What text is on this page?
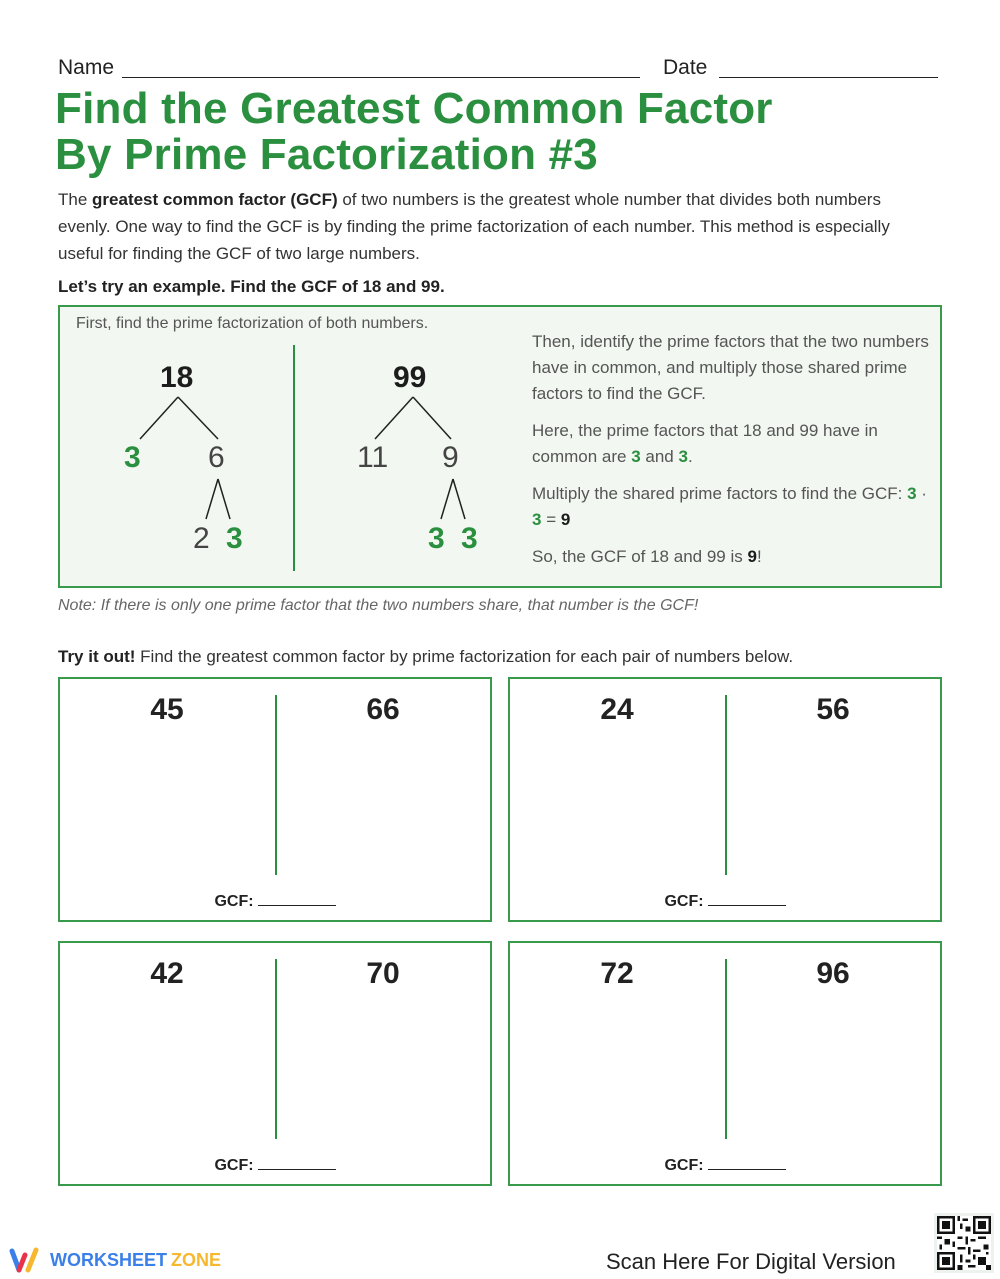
Name	Date
Find the Greatest Common Factor
By Prime Factorization #3
The greatest common factor (GCF) of two numbers is the greatest whole number that divides both numbers evenly. One way to find the GCF is by finding the prime factorization of each number. This method is especially useful for finding the GCF of two large numbers.
Let’s try an example. Find the GCF of 18 and 99.
First, find the prime factorization of both numbers.
18
3 6
2 3
99
11 9
3 3

Then, identify the prime factors that the two numbers have in common, and multiply those shared prime factors to find the GCF.

Here, the prime factors that 18 and 99 have in common are 3 and 3.

Multiply the shared prime factors to find the GCF: 3 · 3 = 9

So, the GCF of 18 and 99 is 9!

Note: If there is only one prime factor that the two numbers share, that number is the GCF!
Try it out! Find the greatest common factor by prime factorization for each pair of numbers below.
45	66
GCF:
24	56
GCF:
42	70
GCF:
72	96
GCF:
WORKSHEET ZONE	Scan Here For Digital Version
